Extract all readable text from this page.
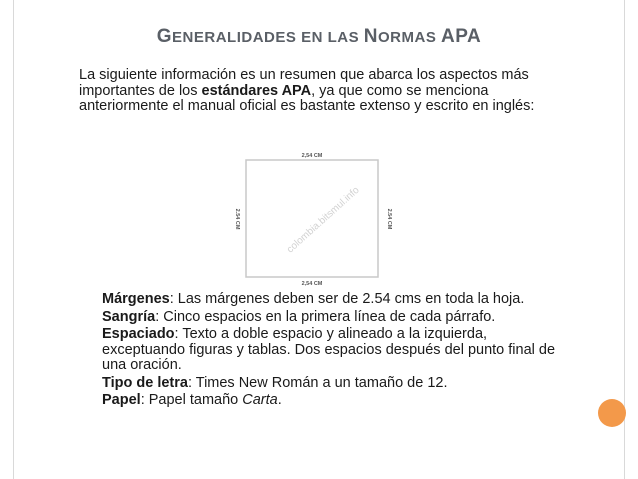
GENERALIDADES EN LAS NORMAS APA
La siguiente información es un resumen que abarca los aspectos más importantes de los estándares APA, ya que como se menciona anteriormente el manual oficial es bastante extenso y escrito en inglés:
2,54 CM
2,54 CM
2.54 CM	2.54 CM
colombia.bitsmul.info
Márgenes: Las márgenes deben ser de 2.54 cms en toda la hoja.
Sangría: Cinco espacios en la primera línea de cada párrafo.
Espaciado: Texto a doble espacio y alineado a la izquierda, exceptuando figuras y tablas. Dos espacios después del punto final de una oración.
Tipo de letra: Times New Román a un tamaño de 12.
Papel: Papel tamaño Carta.
